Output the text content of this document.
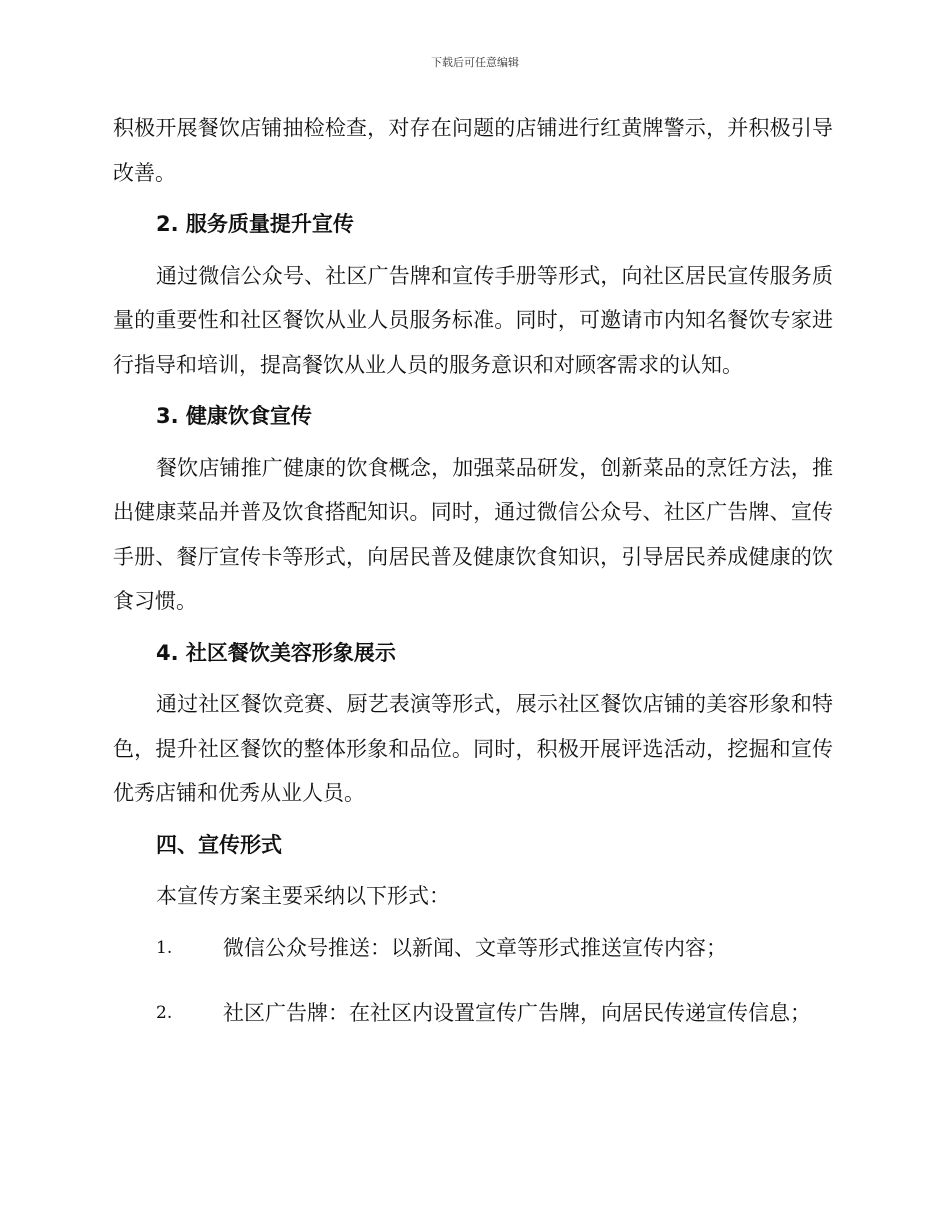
下载后可任意编辑

积极开展餐饮店铺抽检检查，对存在问题的店铺进行红黄牌警示，并积极引导改善。

2. 服务质量提升宣传

通过微信公众号、社区广告牌和宣传手册等形式，向社区居民宣传服务质量的重要性和社区餐饮从业人员服务标准。同时，可邀请市内知名餐饮专家进行指导和培训，提高餐饮从业人员的服务意识和对顾客需求的认知。

3. 健康饮食宣传

餐饮店铺推广健康的饮食概念，加强菜品研发，创新菜品的烹饪方法，推出健康菜品并普及饮食搭配知识。同时，通过微信公众号、社区广告牌、宣传手册、餐厅宣传卡等形式，向居民普及健康饮食知识，引导居民养成健康的饮食习惯。

4. 社区餐饮美容形象展示

通过社区餐饮竞赛、厨艺表演等形式，展示社区餐饮店铺的美容形象和特色，提升社区餐饮的整体形象和品位。同时，积极开展评选活动，挖掘和宣传优秀店铺和优秀从业人员。

四、宣传形式

本宣传方案主要采纳以下形式：

1. 微信公众号推送：以新闻、文章等形式推送宣传内容；
2. 社区广告牌：在社区内设置宣传广告牌，向居民传递宣传信息；
